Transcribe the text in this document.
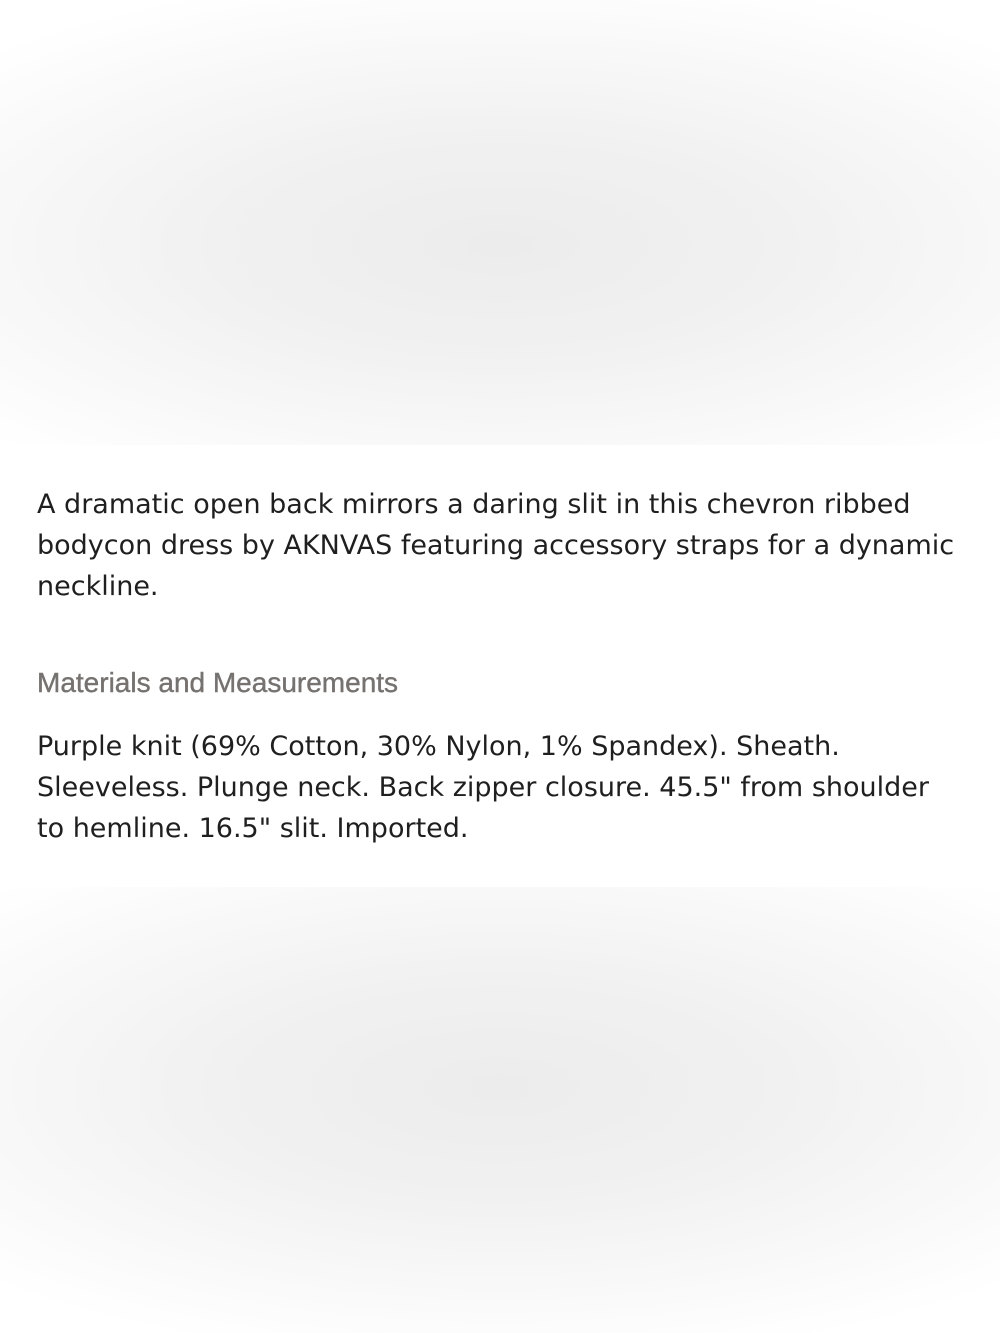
A dramatic open back mirrors a daring slit in this chevron ribbed bodycon dress by AKNVAS featuring accessory straps for a dynamic neckline.

Materials and Measurements

Purple knit (69% Cotton, 30% Nylon, 1% Spandex). Sheath. Sleeveless. Plunge neck. Back zipper closure. 45.5" from shoulder to hemline. 16.5" slit. Imported.
